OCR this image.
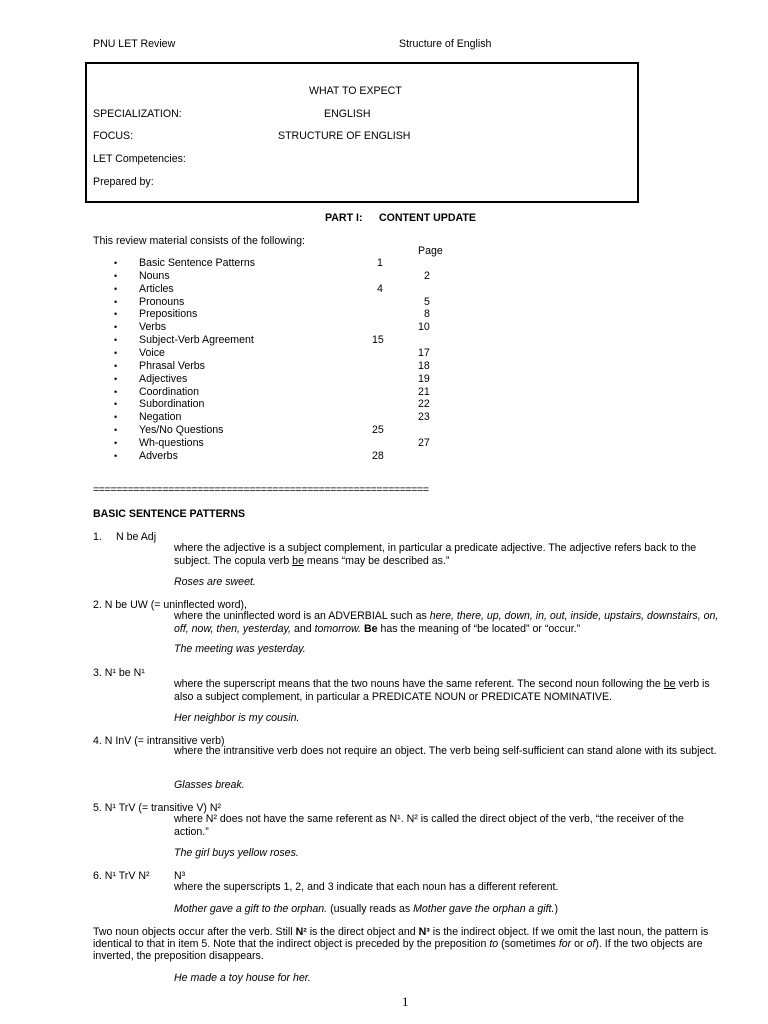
PNU LET Review	Structure of English
WHAT TO EXPECT
SPECIALIZATION:	ENGLISH
FOCUS:	STRUCTURE OF ENGLISH
LET Competencies:
Prepared by:
PART I: CONTENT UPDATE
This review material consists of the following:
Page
• Basic Sentence Patterns	1
• Nouns	2
• Articles	4
• Pronouns	5
• Prepositions	8
• Verbs	10
• Subject-Verb Agreement	15
• Voice	17
• Phrasal Verbs	18
• Adjectives	19
• Coordination	21
• Subordination	22
• Negation	23
• Yes/No Questions	25
• Wh-questions	27
• Adverbs	28
==========================================================
BASIC SENTENCE PATTERNS
1. N be Adj
where the adjective is a subject complement, in particular a predicate adjective. The adjective refers back to the subject. The copula verb be means “may be described as.”
Roses are sweet.
2. N be UW (= uninflected word),
where the uninflected word is an ADVERBIAL such as here, there, up, down, in, out, inside, upstairs, downstairs, on, off, now, then, yesterday, and tomorrow. Be has the meaning of “be located” or “occur.”
The meeting was yesterday.
3. N¹ be N¹
where the superscript means that the two nouns have the same referent. The second noun following the be verb is also a subject complement, in particular a PREDICATE NOUN or PREDICATE NOMINATIVE.
Her neighbor is my cousin.
4. N InV (= intransitive verb)
where the intransitive verb does not require an object. The verb being self-sufficient can stand alone with its subject.
Glasses break.
5. N¹ TrV (= transitive V) N²
where N² does not have the same referent as N¹. N² is called the direct object of the verb, “the receiver of the action.”
The girl buys yellow roses.
6. N¹ TrV N² N³
where the superscripts 1, 2, and 3 indicate that each noun has a different referent.
Mother gave a gift to the orphan. (usually reads as Mother gave the orphan a gift.)
Two noun objects occur after the verb. Still N² is the direct object and N³ is the indirect object. If we omit the last noun, the pattern is identical to that in item 5. Note that the indirect object is preceded by the preposition to (sometimes for or of). If the two objects are inverted, the preposition disappears.
He made a toy house for her.
1
